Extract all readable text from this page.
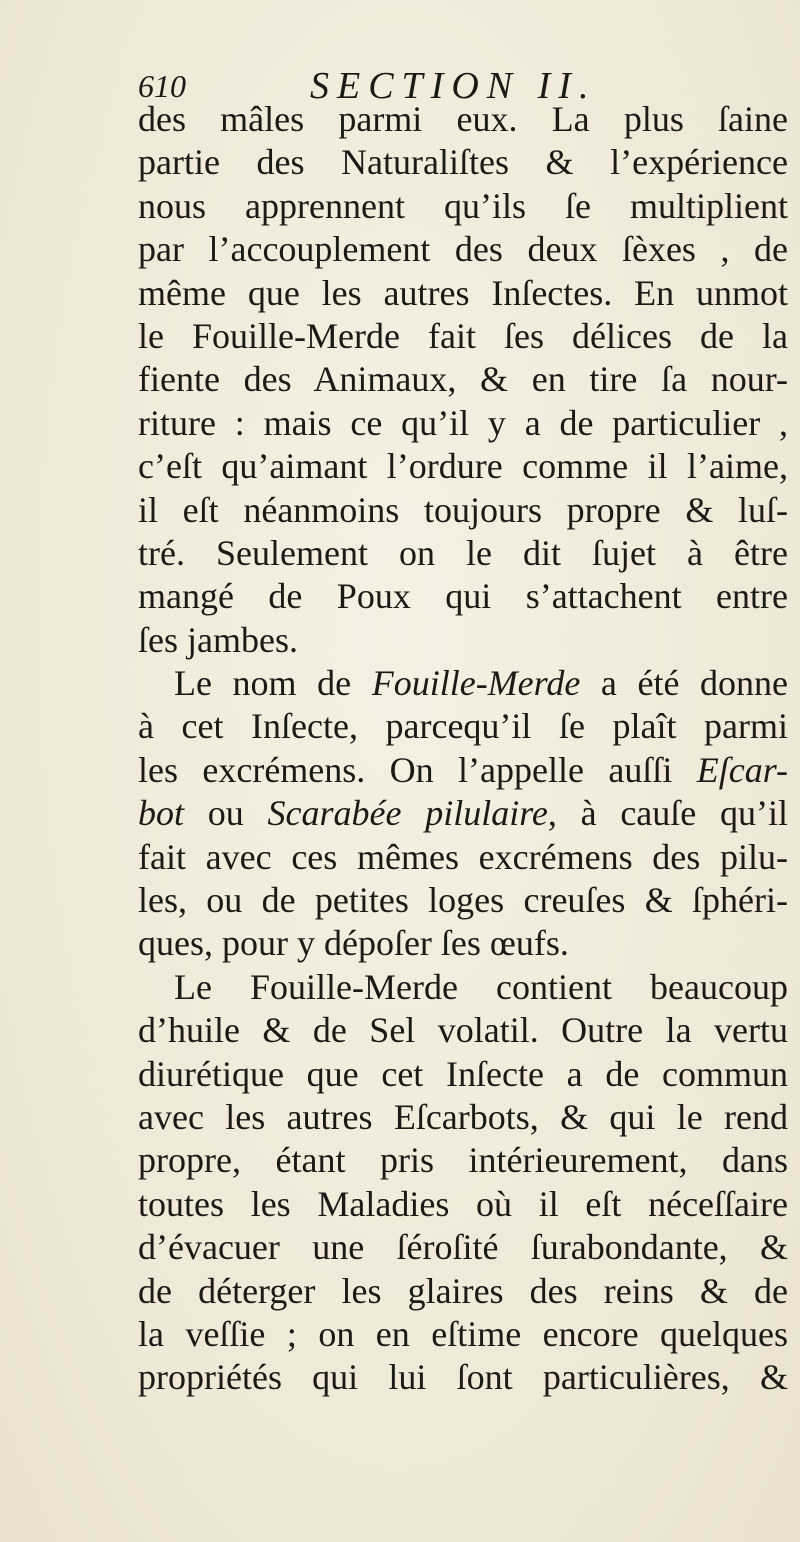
610	SECTION II.
des mâles parmi eux. La plus ſaine
partie des Naturaliſtes & l’expérience
nous apprennent qu’ils ſe multiplient
par l’accouplement des deux ſèxes , de
même que les autres Inſectes. En unmot
le Fouille-Merde fait ſes délices de la
fiente des Animaux, & en tire ſa nour-
riture : mais ce qu’il y a de particulier ,
c’eſt qu’aimant l’ordure comme il l’aime,
il eſt néanmoins toujours propre & luſ-
tré. Seulement on le dit ſujet à être
mangé de Poux qui s’attachent entre
ſes jambes.
Le nom de Fouille-Merde a été donne
à cet Inſecte, parcequ’il ſe plaît parmi
les excrémens. On l’appelle auſſi Eſcar-
bot ou Scarabée pilulaire, à cauſe qu’il
fait avec ces mêmes excrémens des pilu-
les, ou de petites loges creuſes & ſphéri-
ques, pour y dépoſer ſes œufs.
Le Fouille-Merde contient beaucoup
d’huile & de Sel volatil. Outre la vertu
diurétique que cet Inſecte a de commun
avec les autres Eſcarbots, & qui le rend
propre, étant pris intérieurement, dans
toutes les Maladies où il eſt néceſſaire
d’évacuer une ſéroſité ſurabondante, &
de déterger les glaires des reins & de
la veſſie ; on en eſtime encore quelques
propriétés qui lui ſont particulières, &
